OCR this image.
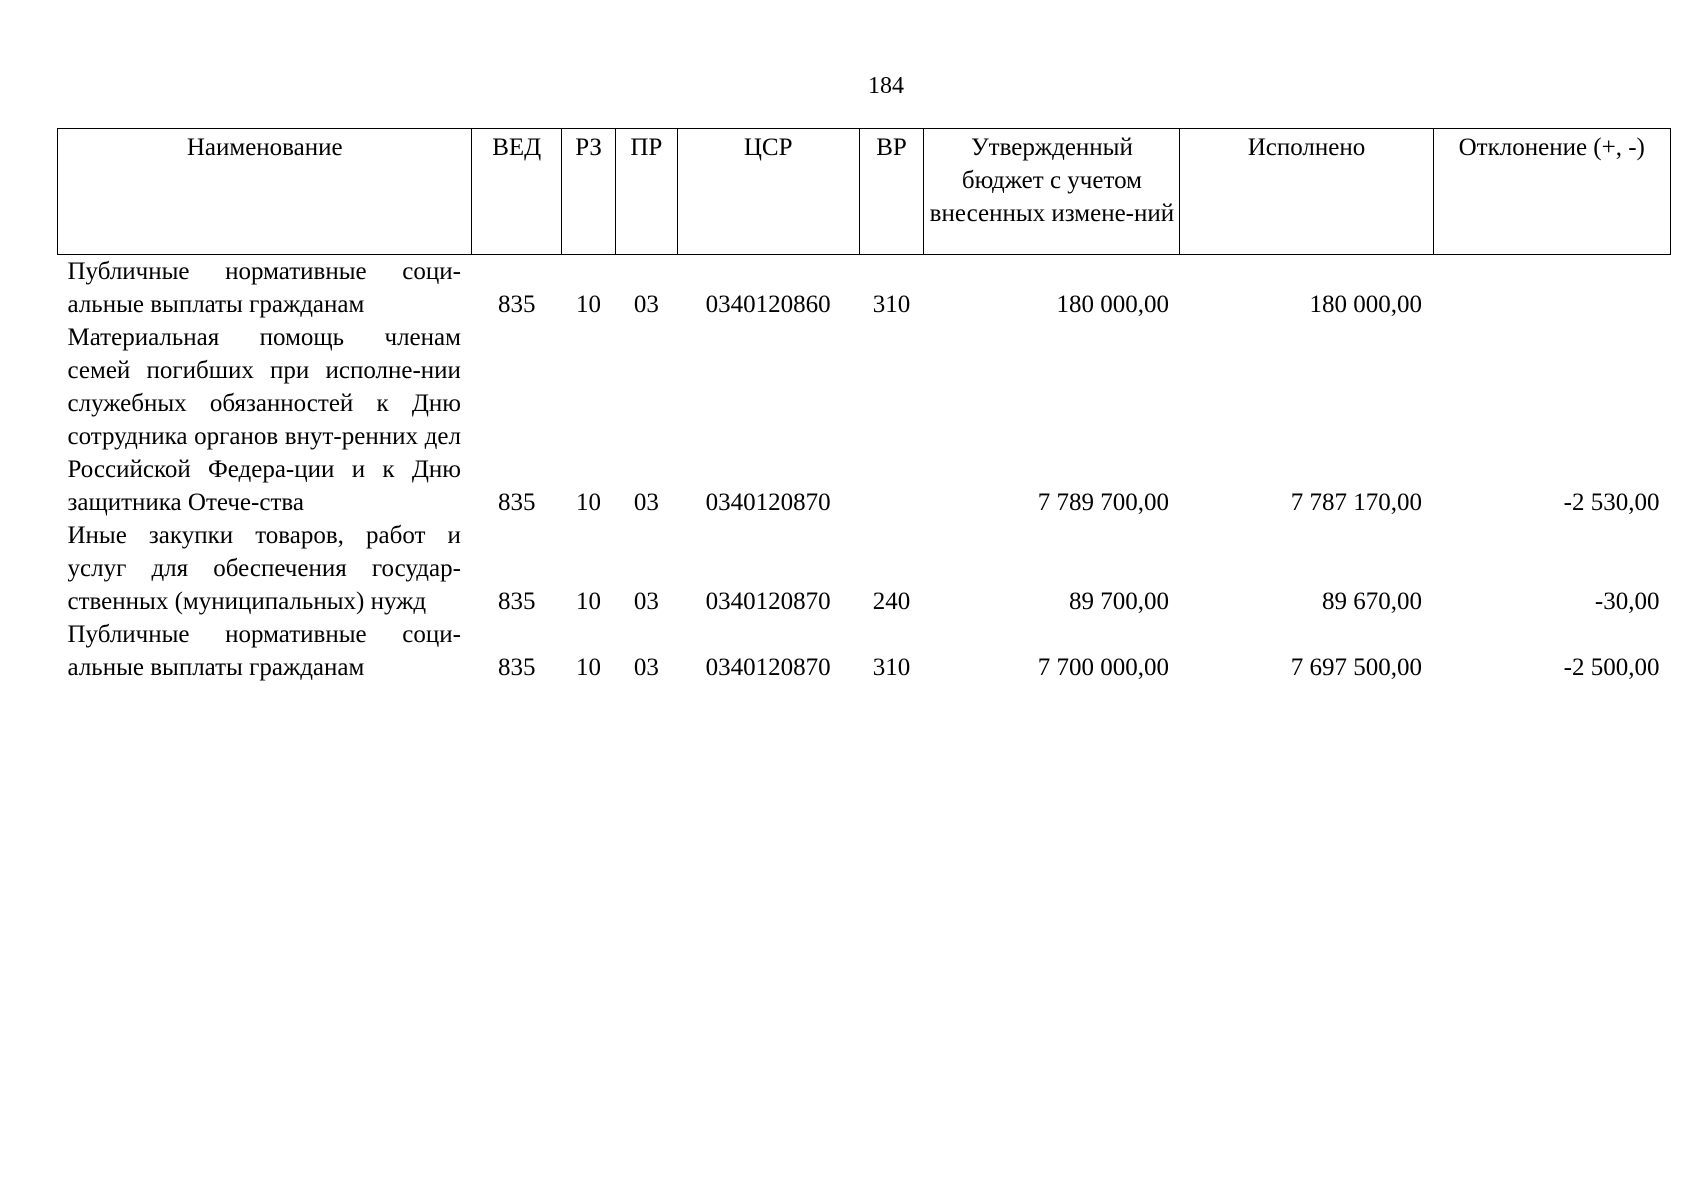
184
Наименование	ВЕД	РЗ	ПР	ЦСР	ВР	Утвержденный бюджет с учетом внесенных измене-ний	Исполнено	Отклонение (+, -)
Публичные нормативные соци-альные выплаты гражданам	835	10	03	0340120860	310	180 000,00	180 000,00	
Материальная помощь членам семей погибших при исполне-нии служебных обязанностей к Дню сотрудника органов внут-ренних дел Российской Федера-ции и к Дню защитника Отече-ства	835	10	03	0340120870		7 789 700,00	7 787 170,00	-2 530,00
Иные закупки товаров, работ и услуг для обеспечения государ-ственных (муниципальных) нужд	835	10	03	0340120870	240	89 700,00	89 670,00	-30,00
Публичные нормативные соци-альные выплаты гражданам	835	10	03	0340120870	310	7 700 000,00	7 697 500,00	-2 500,00
